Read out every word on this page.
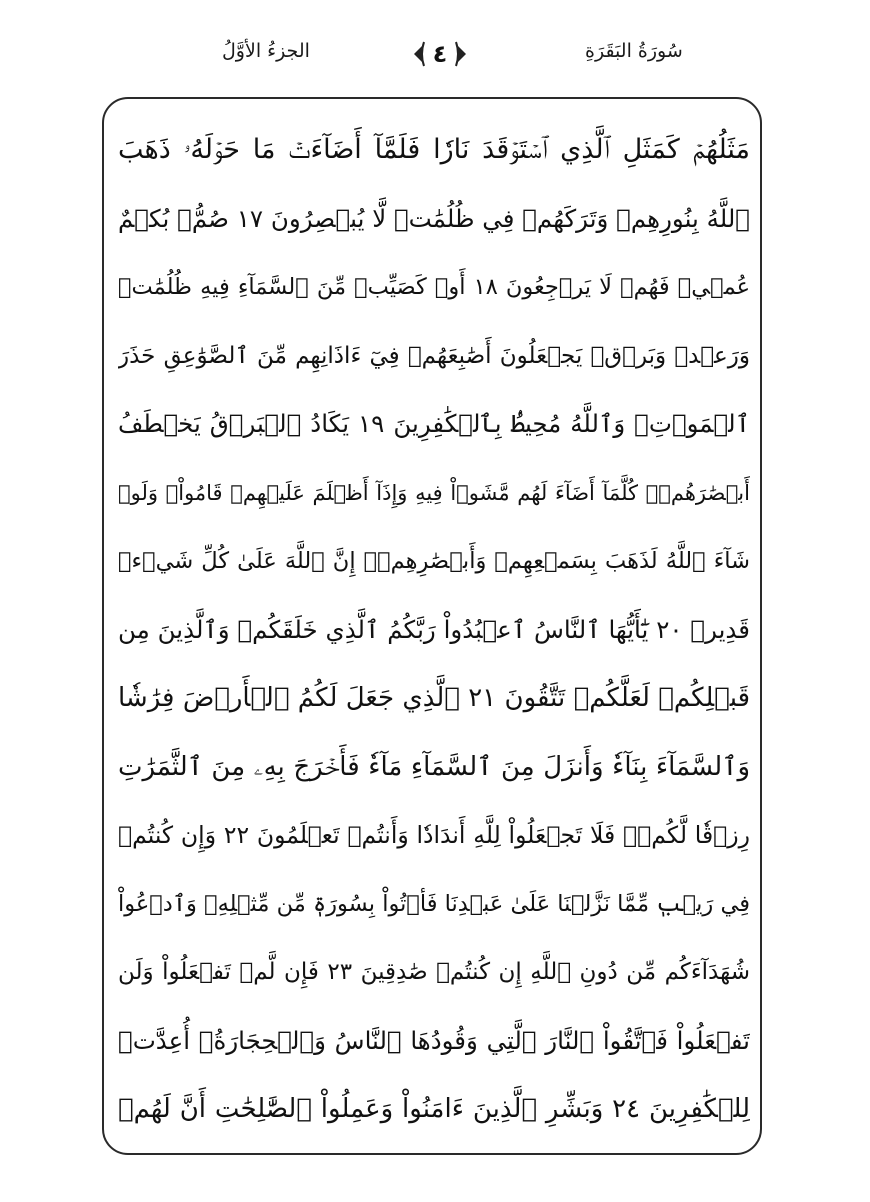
سُورَةُ البَقَرَةِ
٤
الجزءُ الأوَّلُ
مَثَلُهُمۡ كَمَثَلِ ٱلَّذِي ٱسۡتَوۡقَدَ نَارٗا فَلَمَّآ أَضَآءَتۡ مَا حَوۡلَهُۥ ذَهَبَ
ٱللَّهُ بِنُورِهِمۡ وَتَرَكَهُمۡ فِي ظُلُمَٰتٖ لَّا يُبۡصِرُونَ ١٧ صُمُّۢ بُكۡمٌ
عُمۡيٞ فَهُمۡ لَا يَرۡجِعُونَ ١٨ أَوۡ كَصَيِّبٖ مِّنَ ٱلسَّمَآءِ فِيهِ ظُلُمَٰتٞ
وَرَعۡدٞ وَبَرۡقٞ يَجۡعَلُونَ أَصَٰبِعَهُمۡ فِيٓ ءَاذَانِهِم مِّنَ ٱلصَّوَٰعِقِ حَذَرَ
ٱلۡمَوۡتِۚ وَٱللَّهُ مُحِيطُۢ بِٱلۡكَٰفِرِينَ ١٩ يَكَادُ ٱلۡبَرۡقُ يَخۡطَفُ
أَبۡصَٰرَهُمۡۖ كُلَّمَآ أَضَآءَ لَهُم مَّشَوۡاْ فِيهِ وَإِذَآ أَظۡلَمَ عَلَيۡهِمۡ قَامُواْۚ وَلَوۡ
شَآءَ ٱللَّهُ لَذَهَبَ بِسَمۡعِهِمۡ وَأَبۡصَٰرِهِمۡۚ إِنَّ ٱللَّهَ عَلَىٰ كُلِّ شَيۡءٖ
قَدِيرٞ ٢٠ يَٰٓأَيُّهَا ٱلنَّاسُ ٱعۡبُدُواْ رَبَّكُمُ ٱلَّذِي خَلَقَكُمۡ وَٱلَّذِينَ مِن
قَبۡلِكُمۡ لَعَلَّكُمۡ تَتَّقُونَ ٢١ ٱلَّذِي جَعَلَ لَكُمُ ٱلۡأَرۡضَ فِرَٰشٗا
وَٱلسَّمَآءَ بِنَآءٗ وَأَنزَلَ مِنَ ٱلسَّمَآءِ مَآءٗ فَأَخۡرَجَ بِهِۦ مِنَ ٱلثَّمَرَٰتِ
رِزۡقٗا لَّكُمۡۖ فَلَا تَجۡعَلُواْ لِلَّهِ أَندَادٗا وَأَنتُمۡ تَعۡلَمُونَ ٢٢ وَإِن كُنتُمۡ
فِي رَيۡبٖ مِّمَّا نَزَّلۡنَا عَلَىٰ عَبۡدِنَا فَأۡتُواْ بِسُورَةٖ مِّن مِّثۡلِهِۦ وَٱدۡعُواْ
شُهَدَآءَكُم مِّن دُونِ ٱللَّهِ إِن كُنتُمۡ صَٰدِقِينَ ٢٣ فَإِن لَّمۡ تَفۡعَلُواْ وَلَن
تَفۡعَلُواْ فَٱتَّقُواْ ٱلنَّارَ ٱلَّتِي وَقُودُهَا ٱلنَّاسُ وَٱلۡحِجَارَةُۖ أُعِدَّتۡ
لِلۡكَٰفِرِينَ ٢٤ وَبَشِّرِ ٱلَّذِينَ ءَامَنُواْ وَعَمِلُواْ ٱلصَّٰلِحَٰتِ أَنَّ لَهُمۡ
